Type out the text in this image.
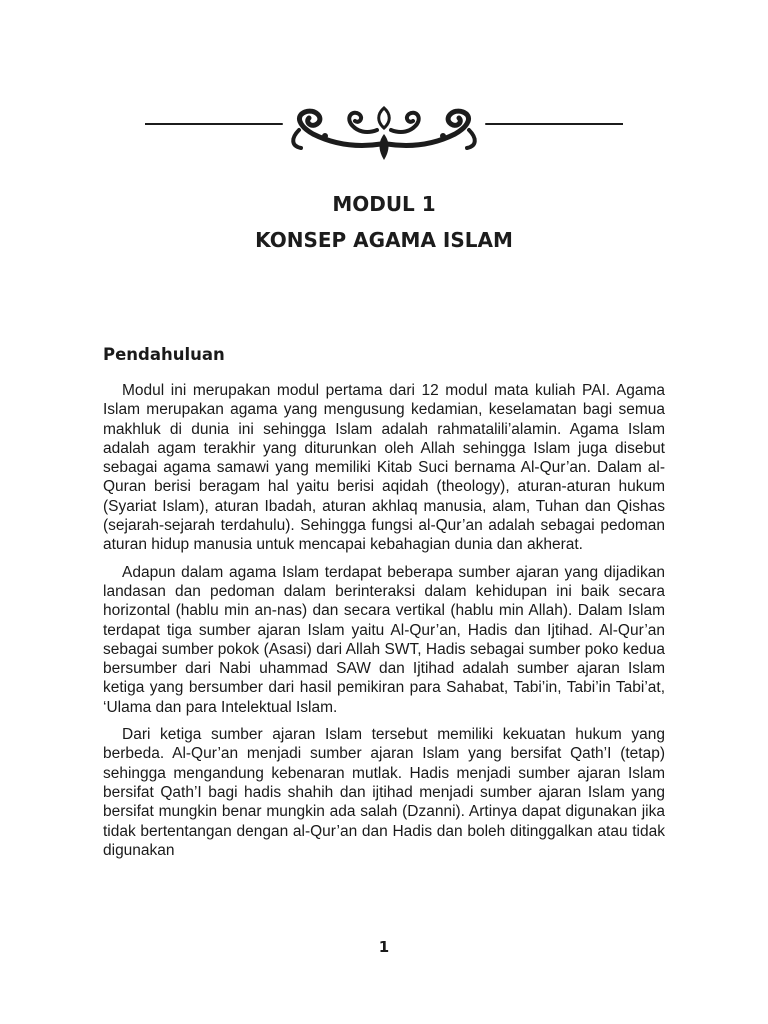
MODUL 1
KONSEP AGAMA ISLAM
Pendahuluan

Modul ini merupakan modul pertama dari 12 modul mata kuliah PAI. Agama Islam merupakan agama yang mengusung kedamian, keselamatan bagi semua makhluk di dunia ini sehingga Islam adalah rahmatalili’alamin. Agama Islam adalah agam terakhir yang diturunkan oleh Allah sehingga Islam juga disebut sebagai agama samawi yang memiliki Kitab Suci bernama Al-Qur’an. Dalam al-Quran berisi beragam hal yaitu berisi aqidah (theology), aturan-aturan hukum (Syariat Islam), aturan Ibadah, aturan akhlaq manusia, alam, Tuhan dan Qishas (sejarah-sejarah terdahulu). Sehingga fungsi al-Qur’an adalah sebagai pedoman aturan hidup manusia untuk mencapai kebahagian dunia dan akherat.

Adapun dalam agama Islam terdapat beberapa sumber ajaran yang dijadikan landasan dan pedoman dalam berinteraksi dalam kehidupan ini baik secara horizontal (hablu min an-nas) dan secara vertikal (hablu min Allah). Dalam Islam terdapat tiga sumber ajaran Islam yaitu Al-Qur’an, Hadis dan Ijtihad. Al-Qur’an sebagai sumber pokok (Asasi) dari Allah SWT, Hadis sebagai sumber poko kedua bersumber dari Nabi uhammad SAW dan Ijtihad adalah sumber ajaran Islam ketiga yang bersumber dari hasil pemikiran para Sahabat, Tabi’in, Tabi’in Tabi’at, ‘Ulama dan para Intelektual Islam.

Dari ketiga sumber ajaran Islam tersebut memiliki kekuatan hukum yang berbeda. Al-Qur’an menjadi sumber ajaran Islam yang bersifat Qath’I (tetap) sehingga mengandung kebenaran mutlak. Hadis menjadi sumber ajaran Islam bersifat Qath’I bagi hadis shahih dan ijtihad menjadi sumber ajaran Islam yang bersifat mungkin benar mungkin ada salah (Dzanni). Artinya dapat digunakan jika tidak bertentangan dengan al-Qur’an dan Hadis dan boleh ditinggalkan atau tidak digunakan

1
